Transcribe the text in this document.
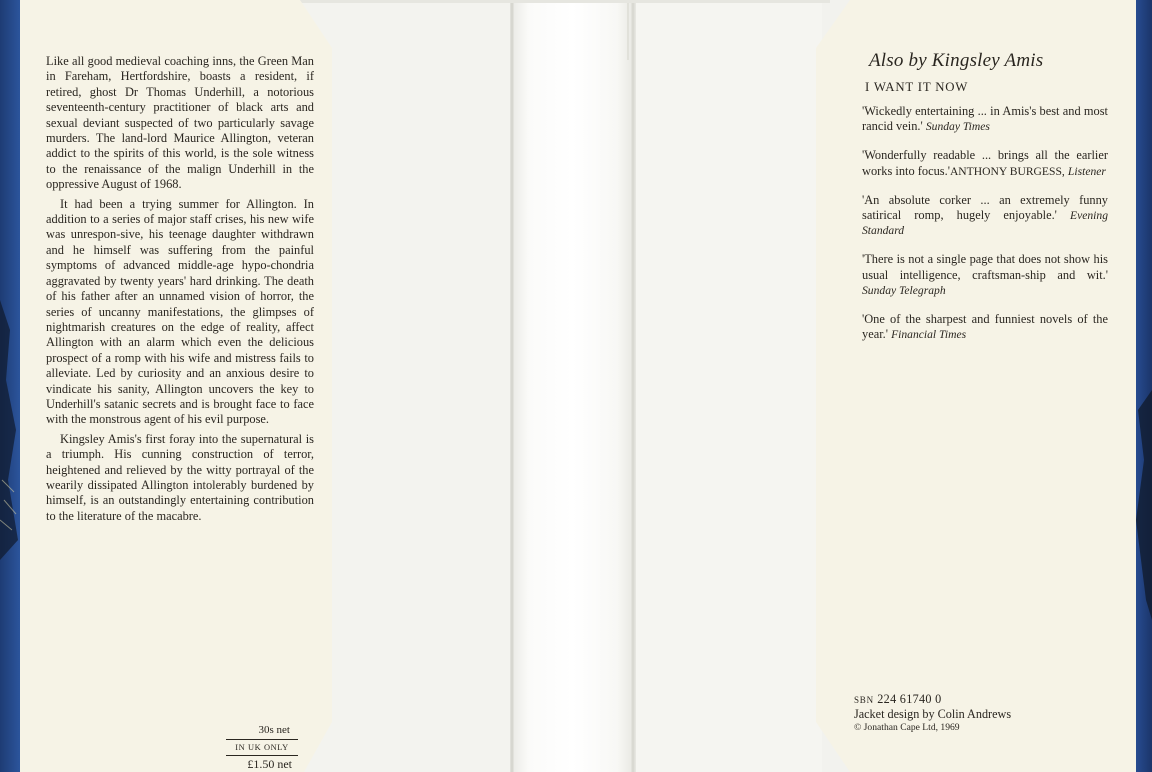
Like all good medieval coaching inns, the Green Man in Fareham, Hertfordshire, boasts a resident, if retired, ghost Dr Thomas Underhill, a notorious seventeenth-century practitioner of black arts and sexual deviant suspected of two particularly savage murders. The land-lord Maurice Allington, veteran addict to the spirits of this world, is the sole witness to the renaissance of the malign Underhill in the oppressive August of 1968.

It had been a trying summer for Allington. In addition to a series of major staff crises, his new wife was unrespon-sive, his teenage daughter withdrawn and he himself was suffering from the painful symptoms of advanced middle-age hypo-chondria aggravated by twenty years' hard drinking. The death of his father after an unnamed vision of horror, the series of uncanny manifestations, the glimpses of nightmarish creatures on the edge of reality, affect Allington with an alarm which even the delicious prospect of a romp with his wife and mistress fails to alleviate. Led by curiosity and an anxious desire to vindicate his sanity, Allington uncovers the key to Underhill's satanic secrets and is brought face to face with the monstrous agent of his evil purpose.

Kingsley Amis's first foray into the supernatural is a triumph. His cunning construction of terror, heightened and relieved by the witty portrayal of the wearily dissipated Allington intolerably burdened by himself, is an outstandingly entertaining contribution to the literature of the macabre.

30s net
IN UK ONLY
£1.50 net
Also by Kingsley Amis
I WANT IT NOW

'Wickedly entertaining ... in Amis's best and most rancid vein.' Sunday Times

'Wonderfully readable ... brings all the earlier works into focus.'ANTHONY BURGESS, Listener

'An absolute corker ... an extremely funny satirical romp, hugely enjoyable.' Evening Standard

'There is not a single page that does not show his usual intelligence, craftsman-ship and wit.' Sunday Telegraph

'One of the sharpest and funniest novels of the year.' Financial Times

SBN 224 61740 0
Jacket design by Colin Andrews
© Jonathan Cape Ltd, 1969
